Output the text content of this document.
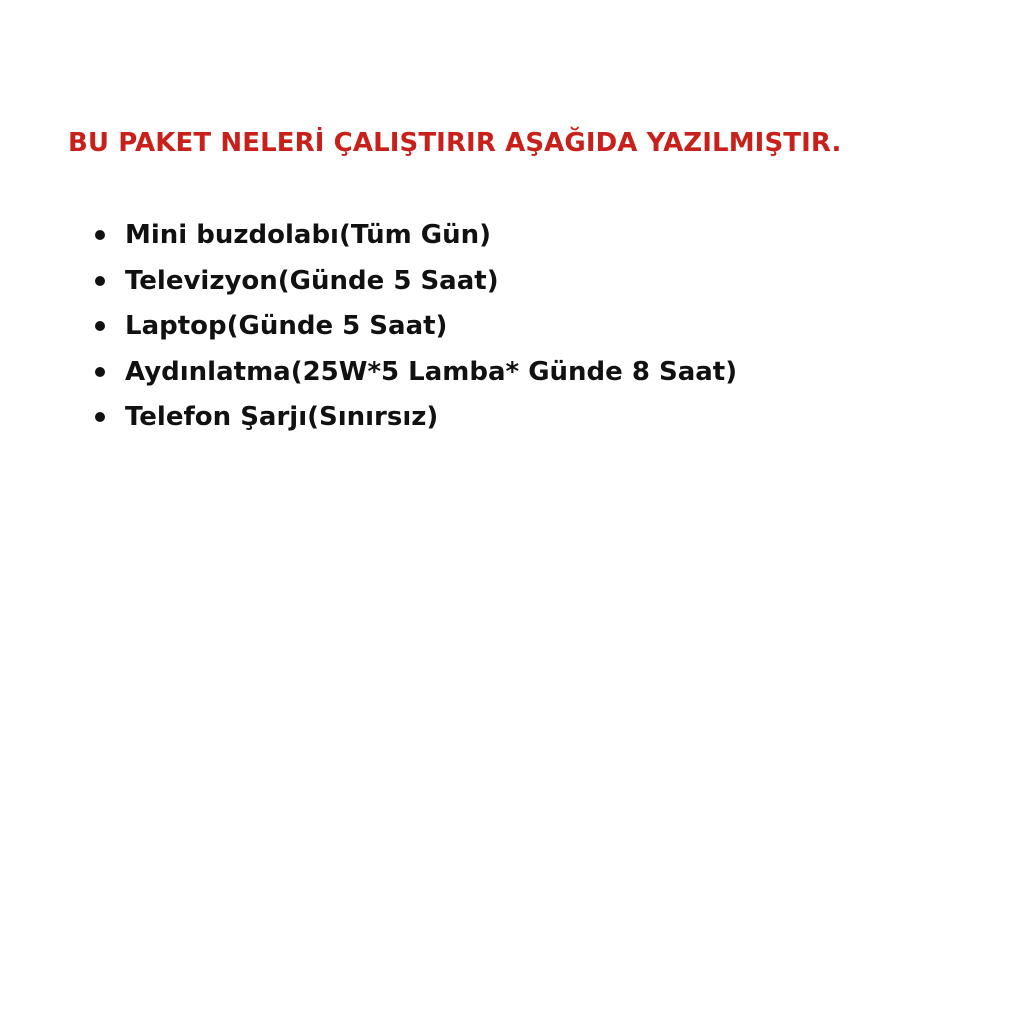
BU PAKET NELERİ ÇALIŞTIRIR AŞAĞIDA YAZILMIŞTIR.
Mini buzdolabı(Tüm Gün)
Televizyon(Günde 5 Saat)
Laptop(Günde 5 Saat)
Aydınlatma(25W*5 Lamba* Günde 8 Saat)
Telefon Şarjı(Sınırsız)
